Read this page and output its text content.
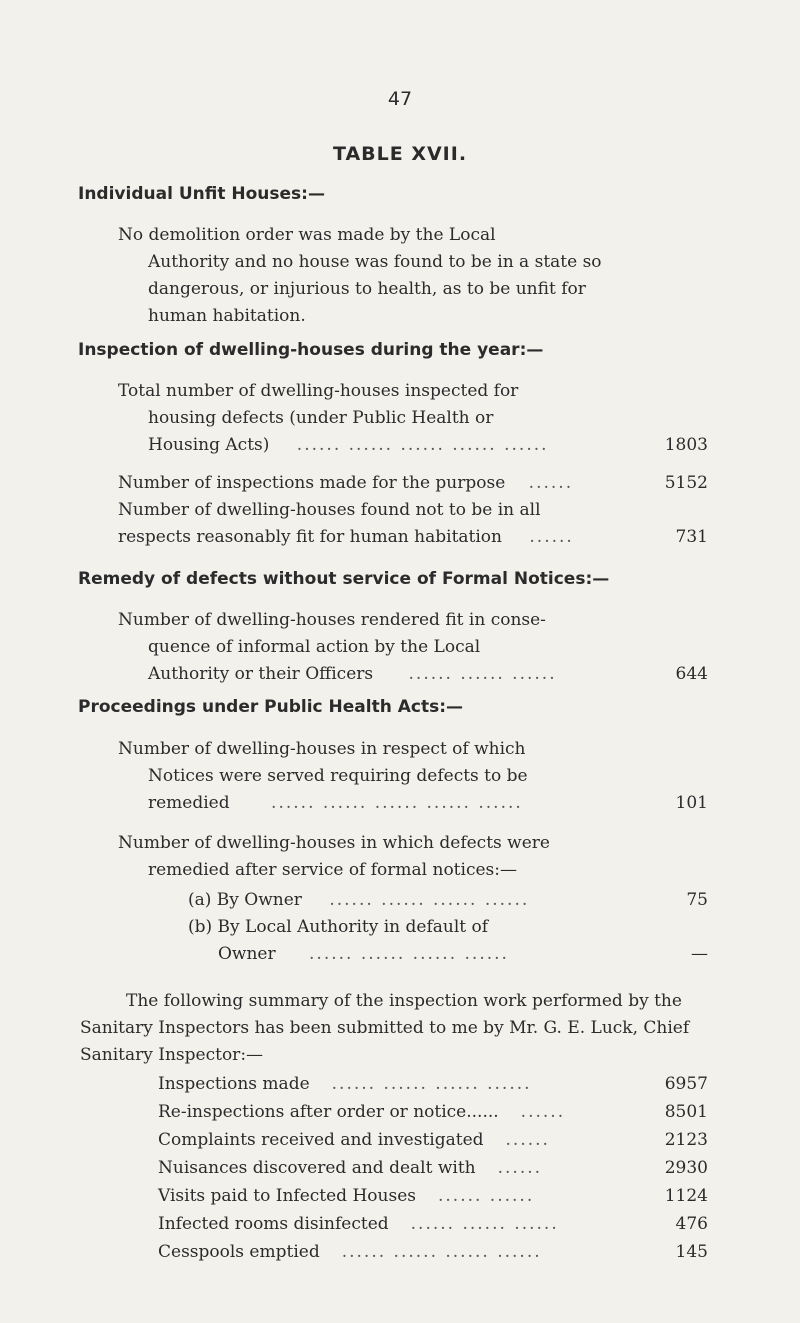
47
TABLE XVII.
Individual Unfit Houses:—
No demolition order was made by the Local
Authority and no house was found to be in a state so dangerous, or injurious to health, as to be unfit for human habitation.
Inspection of dwelling-houses during the year:—
Total number of dwelling-houses inspected for
housing defects (under Public Health or
Housing Acts) ...... ...... ...... ...... ......	1803
Number of inspections made for the purpose ......	5152
Number of dwelling-houses found not to be in all
respects reasonably fit for human habitation ......	731
Remedy of defects without service of Formal Notices:—
Number of dwelling-houses rendered fit in conse-
quence of informal action by the Local
Authority or their Officers ...... ...... ......	644
Proceedings under Public Health Acts:—
Number of dwelling-houses in respect of which
Notices were served requiring defects to be
remedied ...... ...... ...... ...... ......	101
Number of dwelling-houses in which defects were
remedied after service of formal notices:—
(a) By Owner ...... ...... ...... ......	75
(b) By Local Authority in default of
Owner ...... ...... ...... ......	—
The following summary of the inspection work performed by the Sanitary Inspectors has been submitted to me by Mr. G. E. Luck, Chief Sanitary Inspector:—
Inspections made ...... ...... ...... ......	6957
Re-inspections after order or notice...... ......	8501
Complaints received and investigated ......	2123
Nuisances discovered and dealt with ......	2930
Visits paid to Infected Houses ...... ......	1124
Infected rooms disinfected ...... ...... ......	476
Cesspools emptied ...... ...... ...... ......	145
